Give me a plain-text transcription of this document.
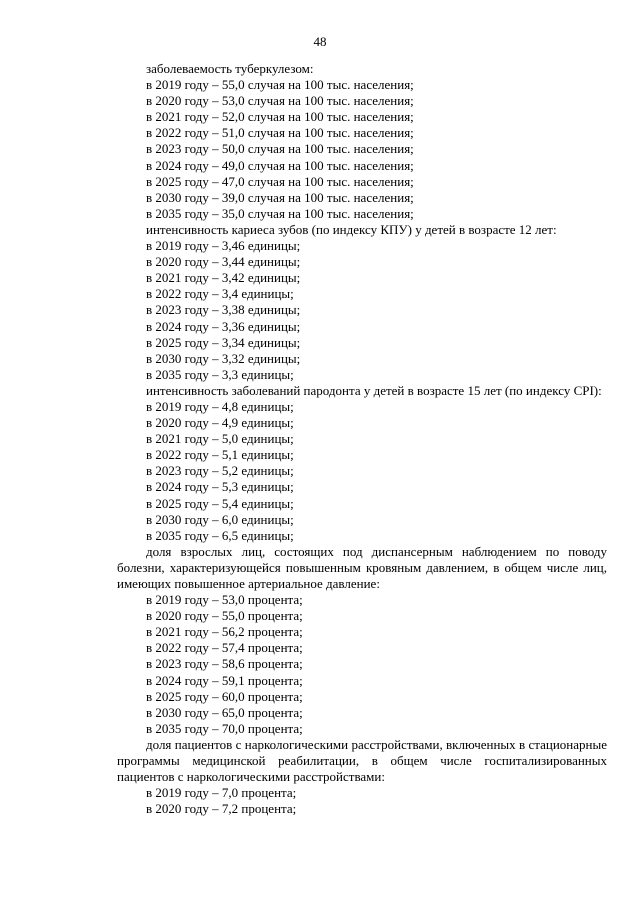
48
заболеваемость туберкулезом:
в 2019 году – 55,0 случая на 100 тыс. населения;
в 2020 году – 53,0 случая на 100 тыс. населения;
в 2021 году – 52,0 случая на 100 тыс. населения;
в 2022 году – 51,0 случая на 100 тыс. населения;
в 2023 году – 50,0 случая на 100 тыс. населения;
в 2024 году – 49,0 случая на 100 тыс. населения;
в 2025 году – 47,0 случая на 100 тыс. населения;
в 2030 году – 39,0 случая на 100 тыс. населения;
в 2035 году – 35,0 случая на 100 тыс. населения;
интенсивность кариеса зубов (по индексу КПУ) у детей в возрасте 12 лет:
в 2019 году – 3,46 единицы;
в 2020 году – 3,44 единицы;
в 2021 году – 3,42 единицы;
в 2022 году – 3,4 единицы;
в 2023 году – 3,38 единицы;
в 2024 году – 3,36 единицы;
в 2025 году – 3,34 единицы;
в 2030 году – 3,32 единицы;
в 2035 году – 3,3 единицы;
интенсивность заболеваний пародонта у детей в возрасте 15 лет (по индексу CPI):
в 2019 году – 4,8 единицы;
в 2020 году – 4,9 единицы;
в 2021 году – 5,0 единицы;
в 2022 году – 5,1 единицы;
в 2023 году – 5,2 единицы;
в 2024 году – 5,3 единицы;
в 2025 году – 5,4 единицы;
в 2030 году – 6,0 единицы;
в 2035 году – 6,5 единицы;
доля взрослых лиц, состоящих под диспансерным наблюдением по поводу болезни, характеризующейся повышенным кровяным давлением, в общем числе лиц, имеющих повышенное артериальное давление:
в 2019 году – 53,0 процента;
в 2020 году – 55,0 процента;
в 2021 году – 56,2 процента;
в 2022 году – 57,4 процента;
в 2023 году – 58,6 процента;
в 2024 году – 59,1 процента;
в 2025 году – 60,0 процента;
в 2030 году – 65,0 процента;
в 2035 году – 70,0 процента;
доля пациентов с наркологическими расстройствами, включенных в стационарные программы медицинской реабилитации, в общем числе госпитализированных пациентов с наркологическими расстройствами:
в 2019 году – 7,0 процента;
в 2020 году – 7,2 процента;
